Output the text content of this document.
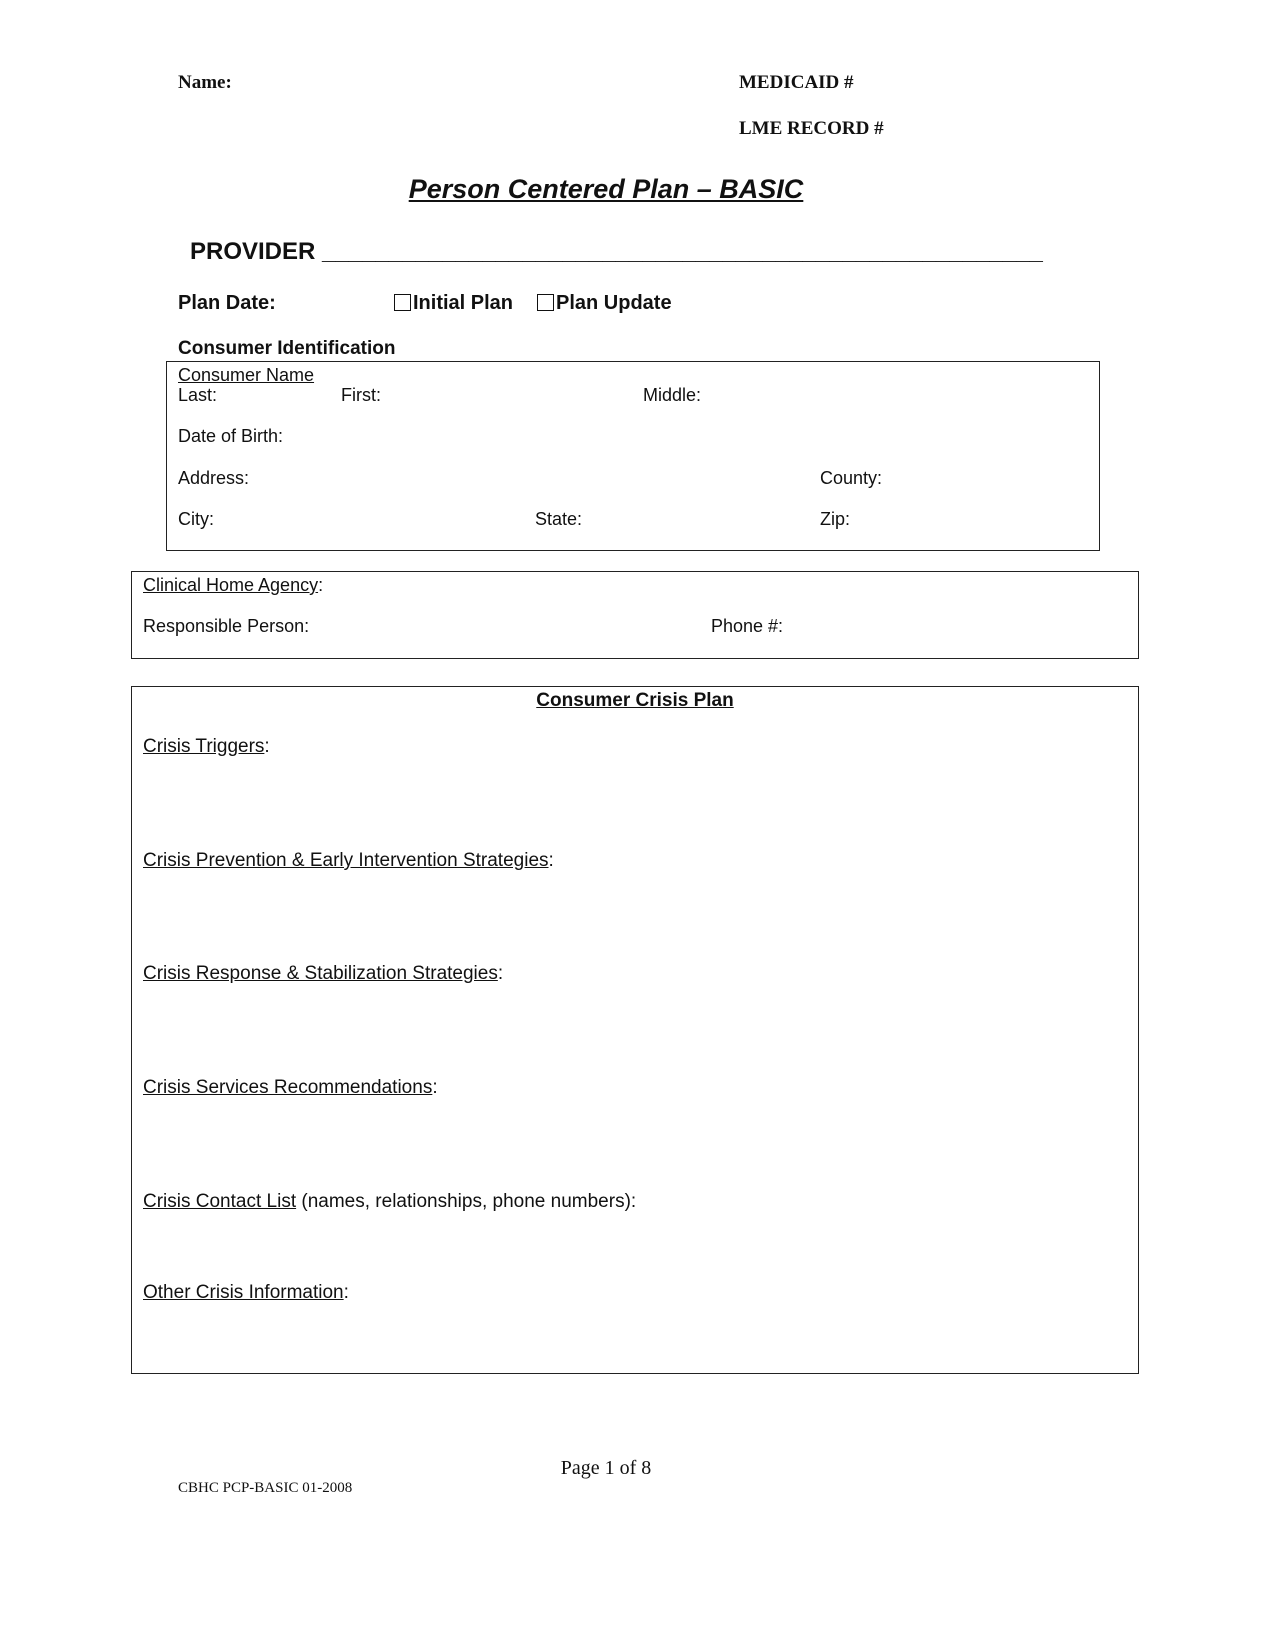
Name:	MEDICAID #
LME RECORD #
Person Centered Plan – BASIC
PROVIDER ______________________________________________________
Plan Date:	Initial Plan	Plan Update
Consumer Identification
Consumer Name
Last:	First:	Middle:
Date of Birth:
Address:	County:
City:	State:	Zip:
Clinical Home Agency:
Responsible Person:	Phone #:
Consumer Crisis Plan
Crisis Triggers:
Crisis Prevention & Early Intervention Strategies:
Crisis Response & Stabilization Strategies:
Crisis Services Recommendations:
Crisis Contact List (names, relationships, phone numbers):
Other Crisis Information:
Page 1 of 8
CBHC PCP-BASIC 01-2008
